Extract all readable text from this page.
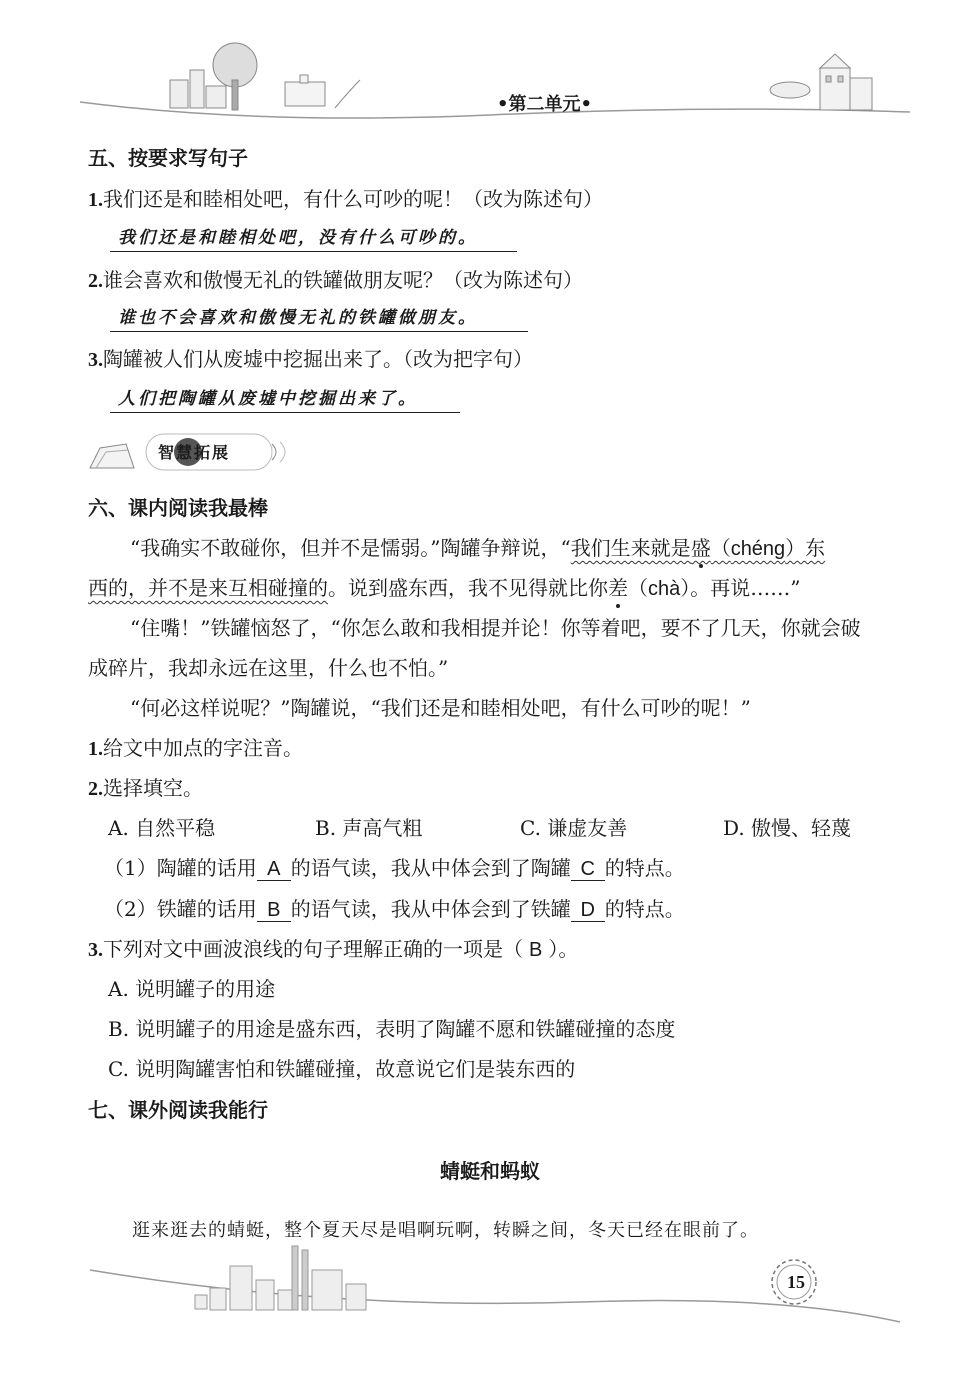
•第二单元•
五、按要求写句子
1.我们还是和睦相处吧，有什么可吵的呢！（改为陈述句）
我们还是和睦相处吧，没有什么可吵的。
2.谁会喜欢和傲慢无礼的铁罐做朋友呢？（改为陈述句）
谁也不会喜欢和傲慢无礼的铁罐做朋友。
3.陶罐被人们从废墟中挖掘出来了。（改为把字句）
人们把陶罐从废墟中挖掘出来了。
智慧拓展
六、课内阅读我最棒
“我确实不敢碰你，但并不是懦弱。”陶罐争辩说，“我们生来就是盛（chéng）东
西的，并不是来互相碰撞的。说到盛东西，我不见得就比你差（chà）。再说……”
“住嘴！”铁罐恼怒了，“你怎么敢和我相提并论！你等着吧，要不了几天，你就会破
成碎片，我却永远在这里，什么也不怕。”
“何必这样说呢？”陶罐说，“我们还是和睦相处吧，有什么可吵的呢！”
1.给文中加点的字注音。
2.选择填空。
A. 自然平稳	B. 声高气粗	C. 谦虚友善	D. 傲慢、轻蔑
（1）陶罐的话用 A 的语气读，我从中体会到了陶罐 C 的特点。
（2）铁罐的话用 B 的语气读，我从中体会到了铁罐 D 的特点。
3.下列对文中画波浪线的句子理解正确的一项是（ B ）。
A. 说明罐子的用途
B. 说明罐子的用途是盛东西，表明了陶罐不愿和铁罐碰撞的态度
C. 说明陶罐害怕和铁罐碰撞，故意说它们是装东西的
七、课外阅读我能行
蜻蜓和蚂蚁
逛来逛去的蜻蜓，整个夏天尽是唱啊玩啊，转瞬之间，冬天已经在眼前了。
15
